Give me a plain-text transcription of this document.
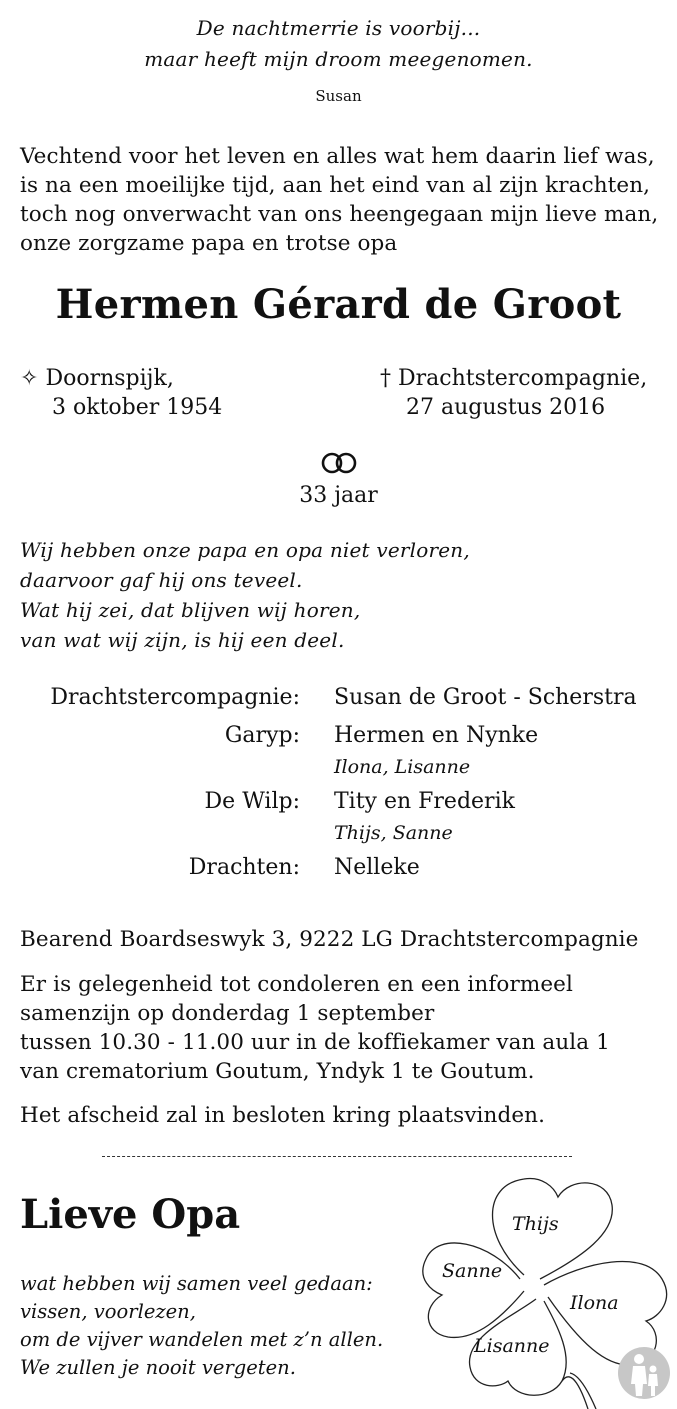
De nachtmerrie is voorbij...
maar heeft mijn droom meegenomen.
Susan
Vechtend voor het leven en alles wat hem daarin lief was,
is na een moeilijke tijd, aan het eind van al zijn krachten,
toch nog onverwacht van ons heengegaan mijn lieve man,
onze zorgzame papa en trotse opa
Hermen Gérard de Groot
✧ Doornspijk,
3 oktober 1954
† Drachtstercompagnie,
27 augustus 2016
33 jaar
Wij hebben onze papa en opa niet verloren,
daarvoor gaf hij ons teveel.
Wat hij zei, dat blijven wij horen,
van wat wij zijn, is hij een deel.
Drachtstercompagnie: Susan de Groot - Scherstra
Garyp: Hermen en Nynke
Ilona, Lisanne
De Wilp: Tity en Frederik
Thijs, Sanne
Drachten: Nelleke
Bearend Boardseswyk 3, 9222 LG Drachtstercompagnie
Er is gelegenheid tot condoleren en een informeel
samenzijn op donderdag 1 september
tussen 10.30 - 11.00 uur in de koffiekamer van aula 1
van crematorium Goutum, Yndyk 1 te Goutum.
Het afscheid zal in besloten kring plaatsvinden.
Lieve Opa
wat hebben wij samen veel gedaan:
vissen, voorlezen,
om de vijver wandelen met z’n allen.
We zullen je nooit vergeten.
Thijs
Sanne
Ilona
Lisanne
